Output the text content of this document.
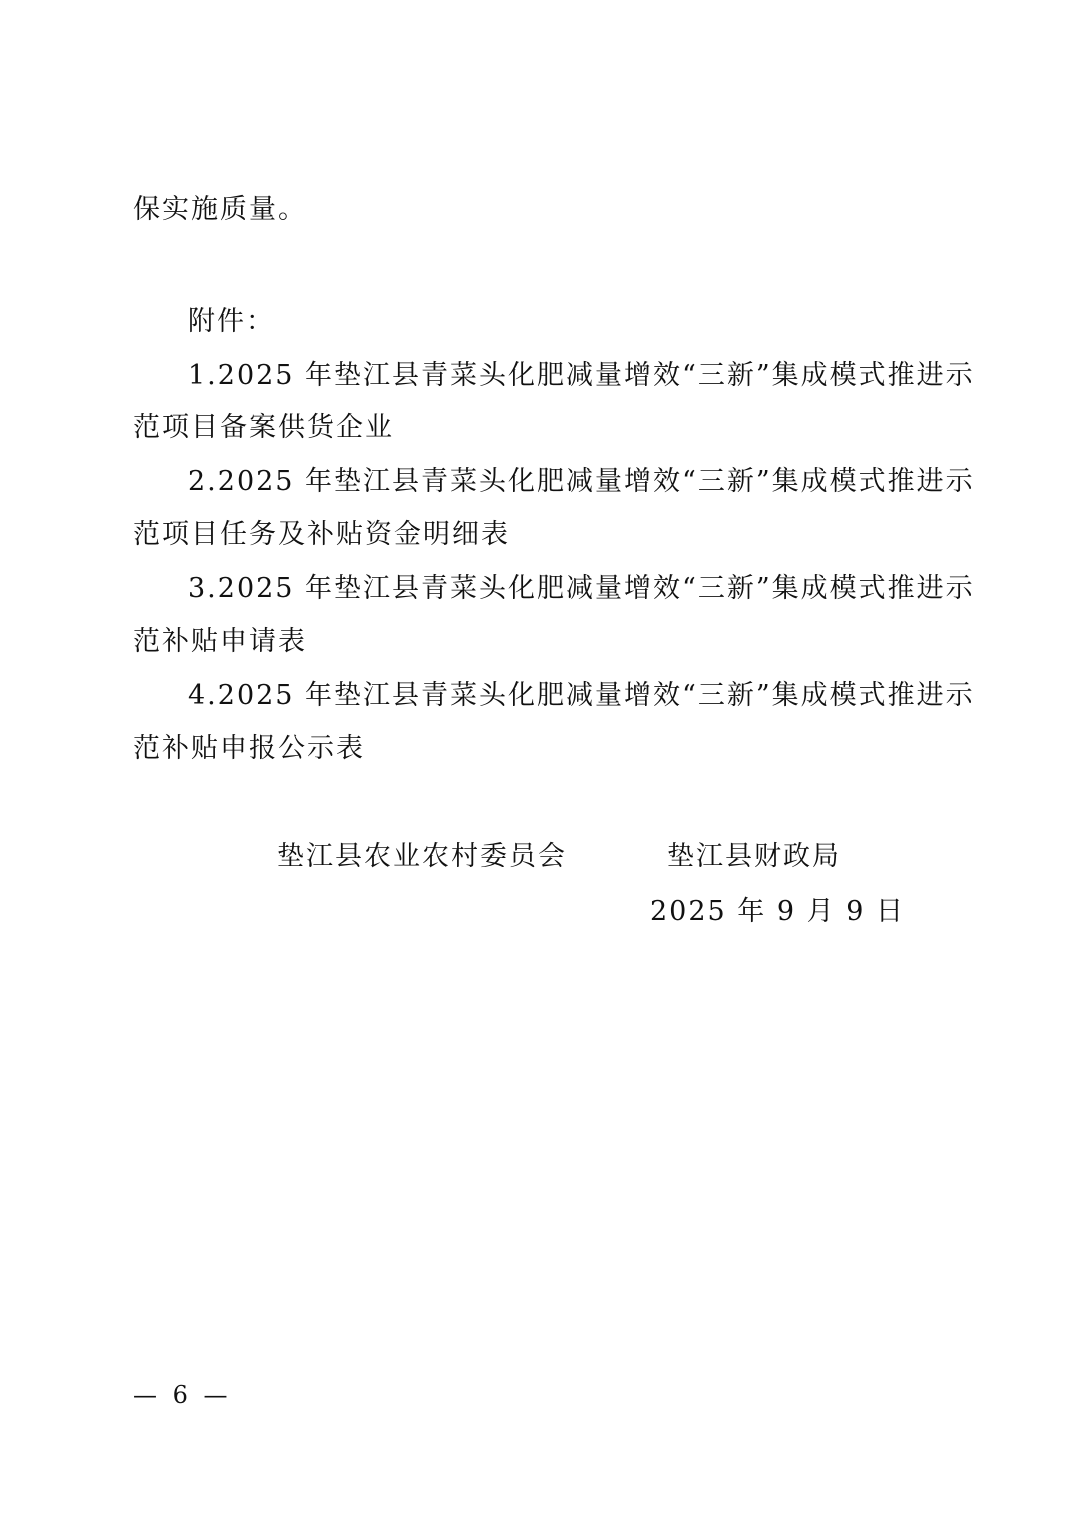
保实施质量。
附件：
1.2025 年垫江县青菜头化肥减量增效“三新”集成模式推进示
范项目备案供货企业
2.2025 年垫江县青菜头化肥减量增效“三新”集成模式推进示
范项目任务及补贴资金明细表
3.2025 年垫江县青菜头化肥减量增效“三新”集成模式推进示
范补贴申请表
4.2025 年垫江县青菜头化肥减量增效“三新”集成模式推进示
范补贴申报公示表
垫江县农业农村委员会	垫江县财政局
2025 年 9 月 9 日
— 6 —
